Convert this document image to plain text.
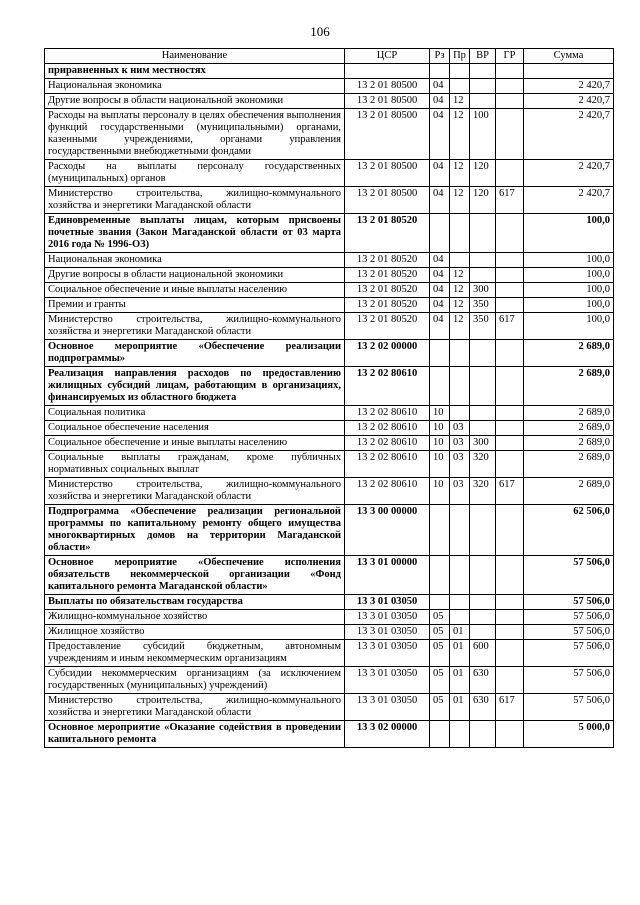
106
Наименование	ЦСР	Рз	Пр	ВР	ГР	Сумма
приравненных к ним местностях						
Национальная экономика	13 2 01 80500	04				2 420,7
Другие вопросы в области национальной экономики	13 2 01 80500	04	12			2 420,7
Расходы на выплаты персоналу в целях обеспечения выполнения функций государственными (муниципальными) органами, казенными учреждениями, органами управления государственными внебюджетными фондами	13 2 01 80500	04	12	100		2 420,7
Расходы на выплаты персоналу государственных (муниципальных) органов	13 2 01 80500	04	12	120		2 420,7
Министерство строительства, жилищно-коммунального хозяйства и энергетики Магаданской области	13 2 01 80500	04	12	120	617	2 420,7
Единовременные выплаты лицам, которым присвоены почетные звания (Закон Магаданской области от 03 марта 2016 года № 1996-ОЗ)	13 2 01 80520					100,0
Национальная экономика	13 2 01 80520	04				100,0
Другие вопросы в области национальной экономики	13 2 01 80520	04	12			100,0
Социальное обеспечение и иные выплаты населению	13 2 01 80520	04	12	300		100,0
Премии и гранты	13 2 01 80520	04	12	350		100,0
Министерство строительства, жилищно-коммунального хозяйства и энергетики Магаданской области	13 2 01 80520	04	12	350	617	100,0
Основное мероприятие «Обеспечение реализации подпрограммы»	13 2 02 00000					2 689,0
Реализация направления расходов по предоставлению жилищных субсидий лицам, работающим в организациях, финансируемых из областного бюджета	13 2 02 80610					2 689,0
Социальная политика	13 2 02 80610	10				2 689,0
Социальное обеспечение населения	13 2 02 80610	10	03			2 689,0
Социальное обеспечение и иные выплаты населению	13 2 02 80610	10	03	300		2 689,0
Социальные выплаты гражданам, кроме публичных нормативных социальных выплат	13 2 02 80610	10	03	320		2 689,0
Министерство строительства, жилищно-коммунального хозяйства и энергетики Магаданской области	13 2 02 80610	10	03	320	617	2 689,0
Подпрограмма «Обеспечение реализации региональной программы по капитальному ремонту общего имущества многоквартирных домов на территории Магаданской области»	13 3 00 00000					62 506,0
Основное мероприятие «Обеспечение исполнения обязательств некоммерческой организации «Фонд капитального ремонта Магаданской области»	13 3 01 00000					57 506,0
Выплаты по обязательствам государства	13 3 01 03050					57 506,0
Жилищно-коммунальное хозяйство	13 3 01 03050	05				57 506,0
Жилищное хозяйство	13 3 01 03050	05	01			57 506,0
Предоставление субсидий бюджетным, автономным учреждениям и иным некоммерческим организациям	13 3 01 03050	05	01	600		57 506,0
Субсидии некоммерческим организациям (за исключением государственных (муниципальных) учреждений)	13 3 01 03050	05	01	630		57 506,0
Министерство строительства, жилищно-коммунального хозяйства и энергетики Магаданской области	13 3 01 03050	05	01	630	617	57 506,0
Основное мероприятие «Оказание содействия в проведении капитального ремонта	13 3 02 00000					5 000,0
